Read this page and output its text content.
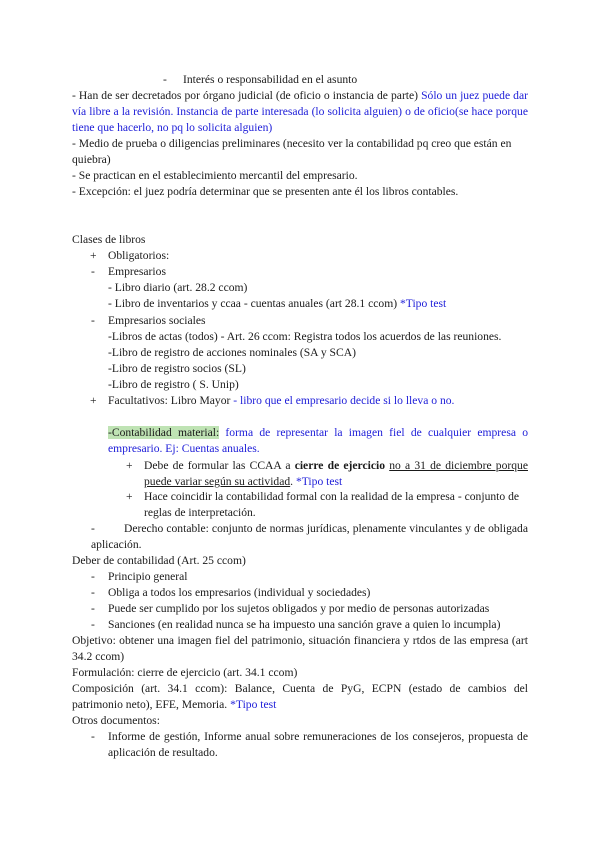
- Interés o responsabilidad en el asunto
- Han de ser decretados por órgano judicial (de oficio o instancia de parte) Sólo un juez puede dar vía libre a la revisión. Instancia de parte interesada (lo solicita alguien) o de oficio(se hace porque tiene que hacerlo, no pq lo solicita alguien)
- Medio de prueba o diligencias preliminares (necesito ver la contabilidad pq creo que están en quiebra)
- Se practican en el establecimiento mercantil del empresario.
- Excepción: el juez podría determinar que se presenten ante él los libros contables.
Clases de libros
+ Obligatorios:
- Empresarios
- Libro diario (art. 28.2 ccom)
- Libro de inventarios y ccaa - cuentas anuales (art 28.1 ccom) *Tipo test
- Empresarios sociales
-Libros de actas (todos) - Art. 26 ccom: Registra todos los acuerdos de las reuniones.
-Libro de registro de acciones nominales (SA y SCA)
-Libro de registro socios (SL)
-Libro de registro ( S. Unip)
+ Facultativos: Libro Mayor - libro que el empresario decide si lo lleva o no.
-Contabilidad material: forma de representar la imagen fiel de cualquier empresa o empresario. Ej: Cuentas anuales.
+ Debe de formular las CCAA a cierre de ejercicio no a 31 de diciembre porque puede variar según su actividad. *Tipo test
+ Hace coincidir la contabilidad formal con la realidad de la empresa - conjunto de reglas de interpretación.
-	Derecho contable: conjunto de normas jurídicas, plenamente vinculantes y de obligada aplicación.
Deber de contabilidad (Art. 25 ccom)
- Principio general
- Obliga a todos los empresarios (individual y sociedades)
- Puede ser cumplido por los sujetos obligados y por medio de personas autorizadas
- Sanciones (en realidad nunca se ha impuesto una sanción grave a quien lo incumpla)
Objetivo: obtener una imagen fiel del patrimonio, situación financiera y rtdos de las empresa (art 34.2 ccom)
Formulación: cierre de ejercicio (art. 34.1 ccom)
Composición (art. 34.1 ccom): Balance, Cuenta de PyG, ECPN (estado de cambios del patrimonio neto), EFE, Memoria. *Tipo test
Otros documentos:
- Informe de gestión, Informe anual sobre remuneraciones de los consejeros, propuesta de aplicación de resultado.
